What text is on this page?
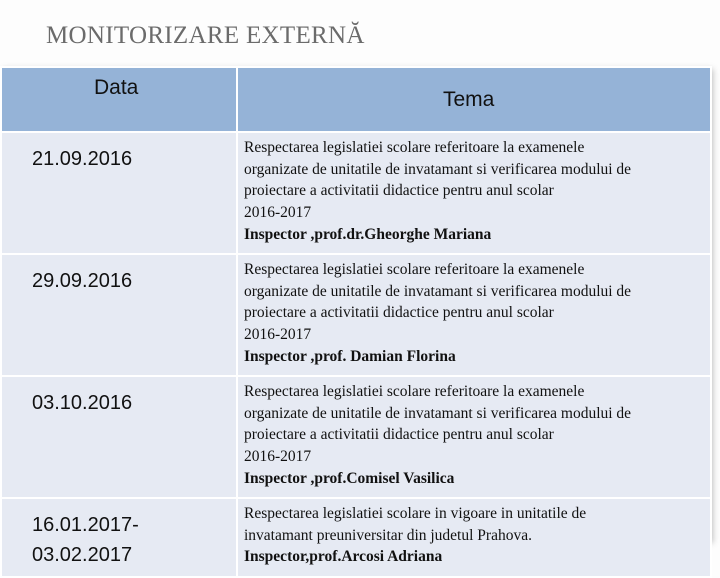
MONITORIZARE EXTERNĂ
Data	Tema

21.09.2016	Respectarea legislatiei scolare referitoare la examenele
organizate de unitatile de invatamant si verificarea modului de
proiectare a activitatii didactice pentru anul scolar
2016-2017
Inspector ,prof.dr.Gheorghe Mariana

29.09.2016	Respectarea legislatiei scolare referitoare la examenele
organizate de unitatile de invatamant si verificarea modului de
proiectare a activitatii didactice pentru anul scolar
2016-2017
Inspector ,prof. Damian Florina

03.10.2016	Respectarea legislatiei scolare referitoare la examenele
organizate de unitatile de invatamant si verificarea modului de
proiectare a activitatii didactice pentru anul scolar
2016-2017
Inspector ,prof.Comisel Vasilica

16.01.2017-
03.02.2017	Respectarea legislatiei scolare in vigoare in unitatile de
invatamant preuniversitar din judetul Prahova.
Inspector,prof.Arcosi Adriana
